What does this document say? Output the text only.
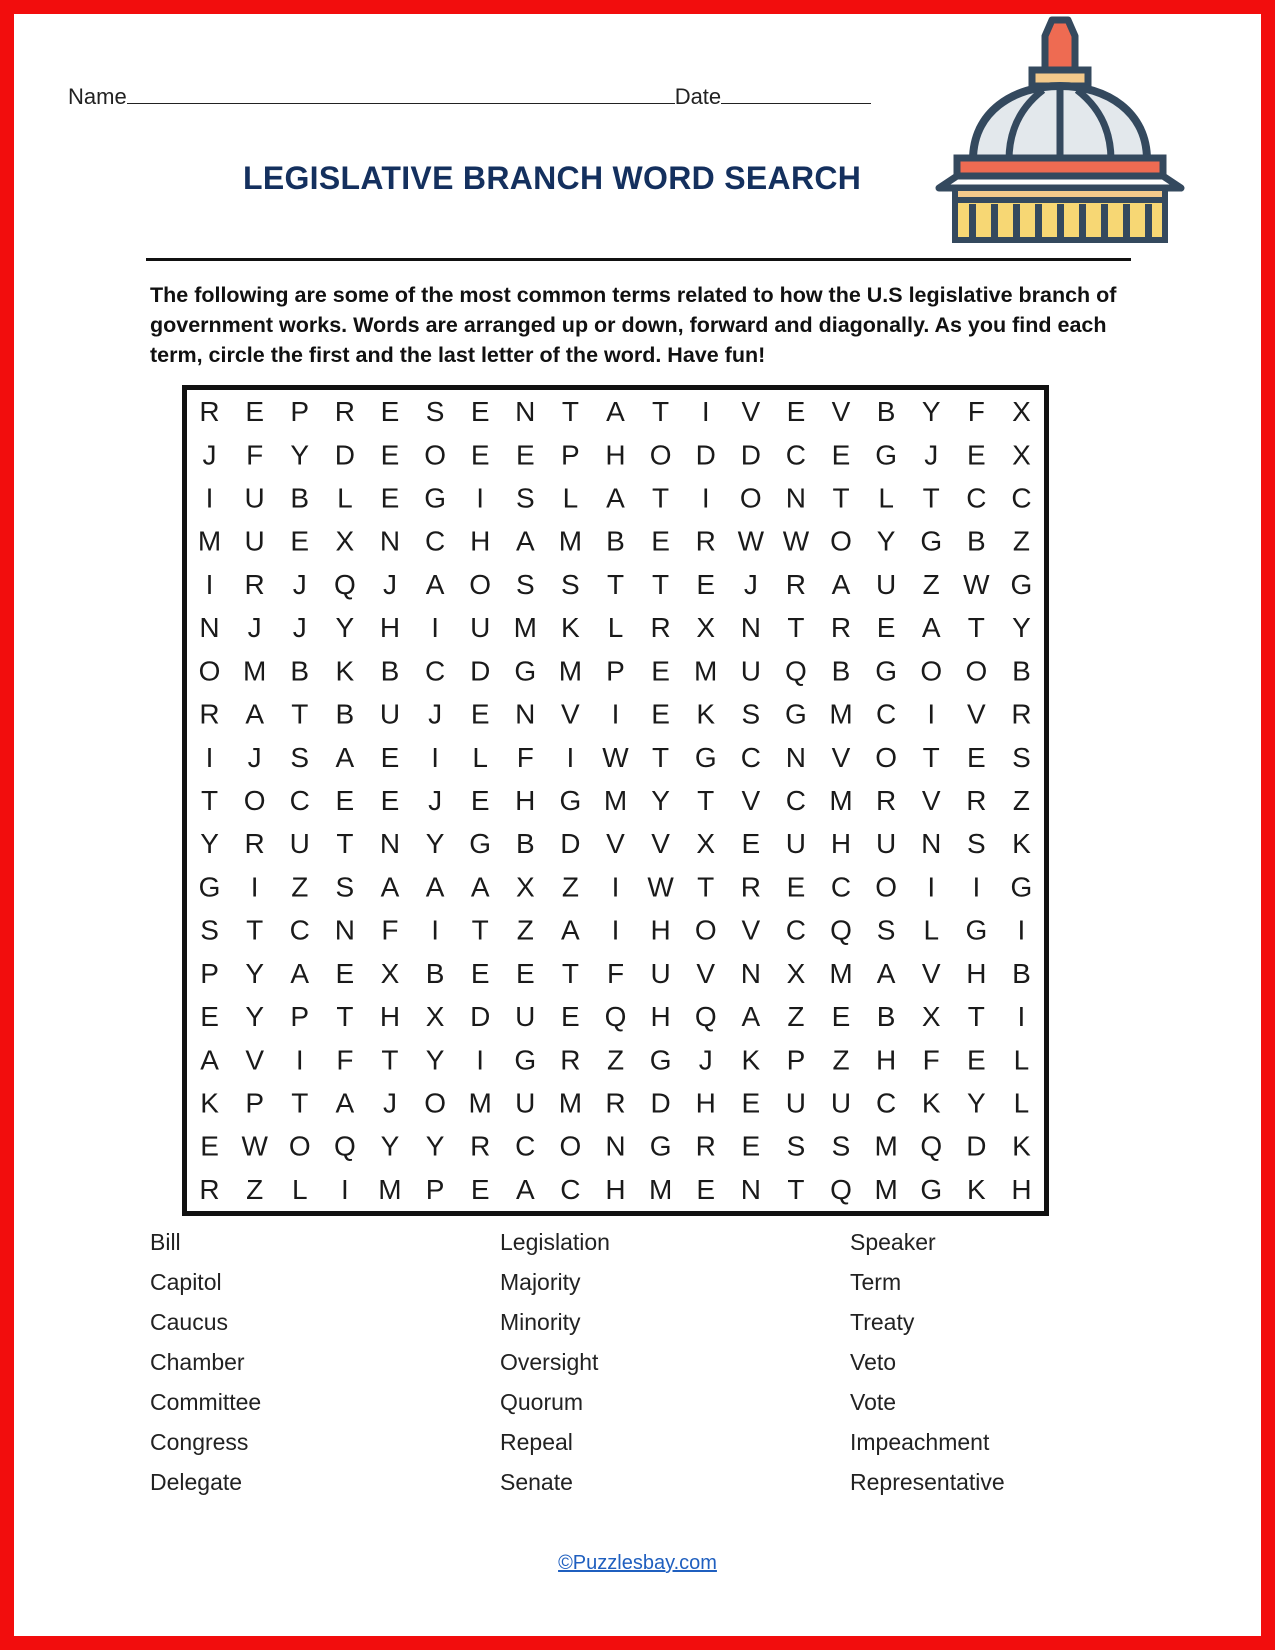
Name	Date
LEGISLATIVE BRANCH WORD SEARCH
The following are some of the most common terms related to how the U.S legislative branch of government works. Words are arranged up or down, forward and diagonally. As you find each term, circle the first and the last letter of the word. Have fun!
R E P R E S E N T A T I V E V B Y F X
J F Y D E O E E P H O D D C E G J E X
I U B L E G I S L A T I O N T L T C C
M U E X N C H A M B E R W W O Y G B Z
I R J Q J A O S S T T E J R A U Z W G
N J J Y H I U M K L R X N T R E A T Y
O M B K B C D G M P E M U Q B G O O B
R A T B U J E N V I E K S G M C I V R
I J S A E I L F I W T G C N V O T E S
T O C E E J E H G M Y T V C M R V R Z
Y R U T N Y G B D V V X E U H U N S K
G I Z S A A A X Z I W T R E C O I I G
S T C N F I T Z A I H O V C Q S L G I
P Y A E X B E E T F U V N X M A V H B
E Y P T H X D U E Q H Q A Z E B X T I
A V I F T Y I G R Z G J K P Z H F E L
K P T A J O M U M R D H E U U C K Y L
E W O Q Y Y R C O N G R E S S M Q D K
R Z L I M P E A C H M E N T Q M G K H
Bill
Capitol
Caucus
Chamber
Committee
Congress
Delegate
Legislation
Majority
Minority
Oversight
Quorum
Repeal
Senate
Speaker
Term
Treaty
Veto
Vote
Impeachment
Representative
©Puzzlesbay.com
